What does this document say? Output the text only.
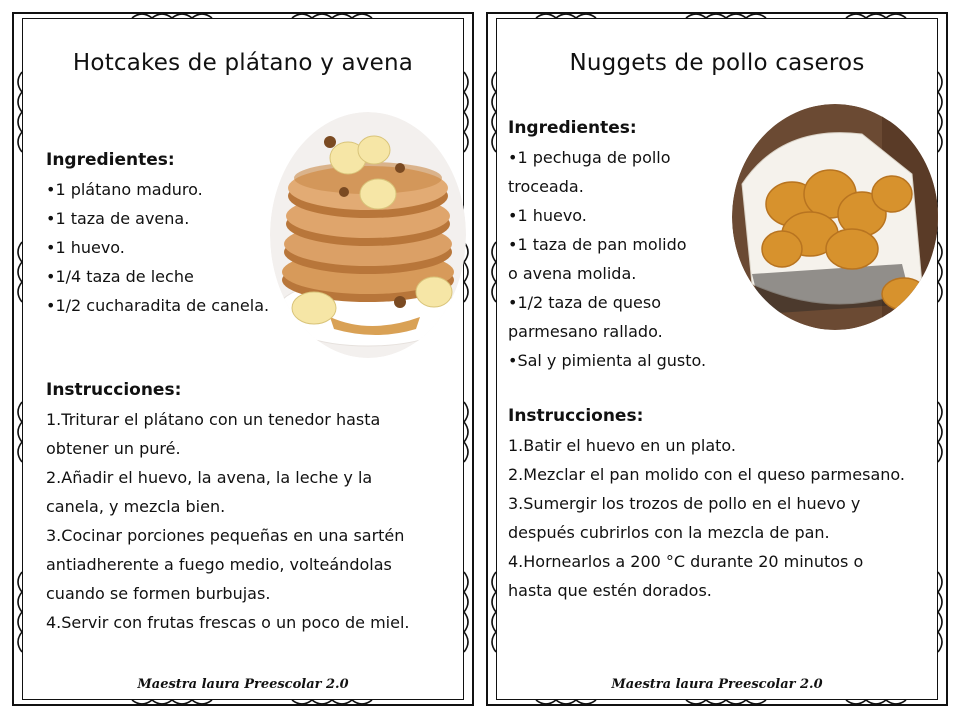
Hotcakes de plátano y avena
Ingredientes:
•1 plátano maduro.
•1 taza de avena.
•1 huevo.
•1/4 taza de leche
•1/2 cucharadita de canela.
Instrucciones:
1.Triturar el plátano con un tenedor hasta
obtener un puré.
2.Añadir el huevo, la avena, la leche y la
canela, y mezcla bien.
3.Cocinar porciones pequeñas en una sartén
antiadherente a fuego medio, volteándolas
cuando se formen burbujas.
4.Servir con frutas frescas o un poco de miel.
Maestra laura Preescolar 2.0
Nuggets de pollo caseros
Ingredientes:
•1 pechuga de pollo
troceada.
•1 huevo.
•1 taza de pan molido
o avena molida.
•1/2 taza de queso
parmesano rallado.
•Sal y pimienta al gusto.
Instrucciones:
1.Batir el huevo en un plato.
2.Mezclar el pan molido con el queso parmesano.
3.Sumergir los trozos de pollo en el huevo y
después cubrirlos con la mezcla de pan.
4.Hornearlos a 200 °C durante 20 minutos o
hasta que estén dorados.
Maestra laura Preescolar 2.0
